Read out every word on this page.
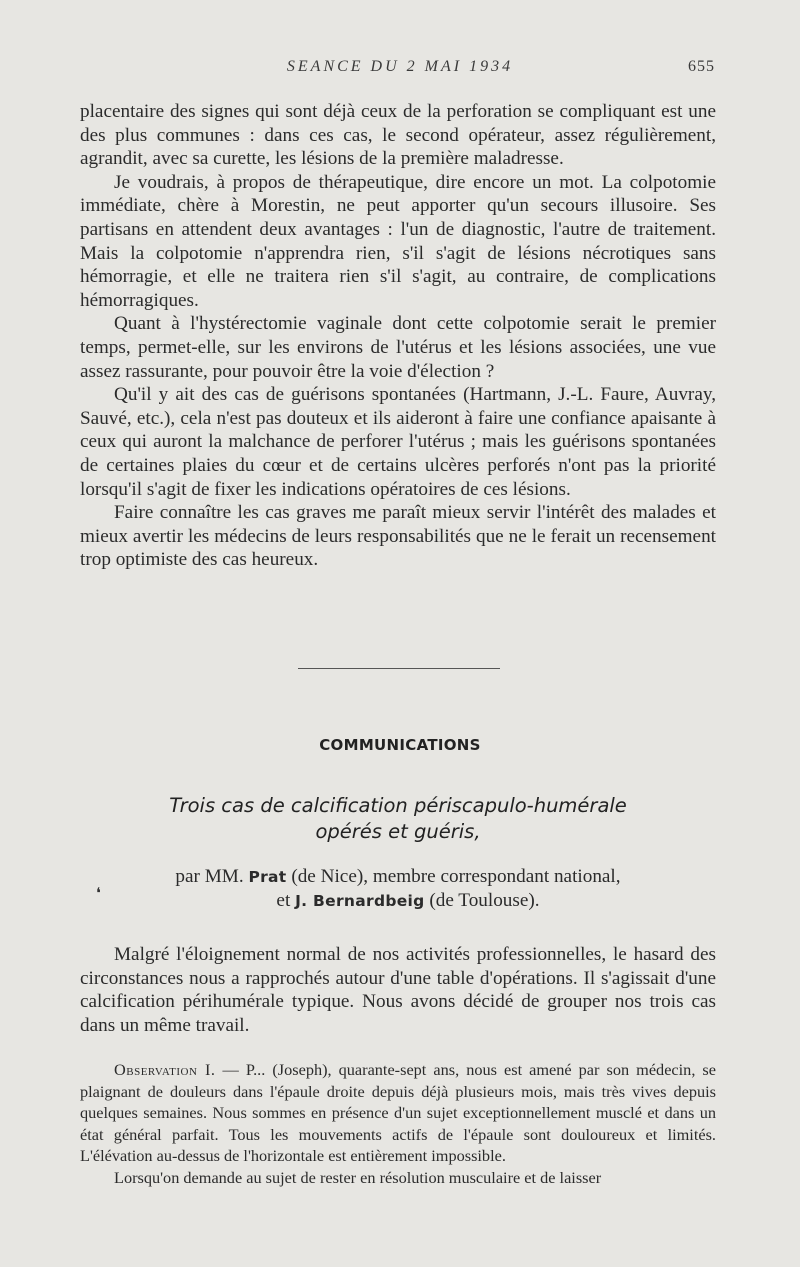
SEANCE DU 2 MAI 1934	655

placentaire des signes qui sont déjà ceux de la perforation se compliquant est une des plus communes : dans ces cas, le second opérateur, assez régulièrement, agrandit, avec sa curette, les lésions de la première maladresse.

Je voudrais, à propos de thérapeutique, dire encore un mot. La colpotomie immédiate, chère à Morestin, ne peut apporter qu'un secours illusoire. Ses partisans en attendent deux avantages : l'un de diagnostic, l'autre de traitement. Mais la colpotomie n'apprendra rien, s'il s'agit de lésions nécrotiques sans hémorragie, et elle ne traitera rien s'il s'agit, au contraire, de complications hémorragiques.

Quant à l'hystérectomie vaginale dont cette colpotomie serait le premier temps, permet-elle, sur les environs de l'utérus et les lésions associées, une vue assez rassurante, pour pouvoir être la voie d'élection ?

Qu'il y ait des cas de guérisons spontanées (Hartmann, J.-L. Faure, Auvray, Sauvé, etc.), cela n'est pas douteux et ils aideront à faire une confiance apaisante à ceux qui auront la malchance de perforer l'utérus ; mais les guérisons spontanées de certaines plaies du cœur et de certains ulcères perforés n'ont pas la priorité lorsqu'il s'agit de fixer les indications opératoires de ces lésions.

Faire connaître les cas graves me paraît mieux servir l'intérêt des malades et mieux avertir les médecins de leurs responsabilités que ne le ferait un recensement trop optimiste des cas heureux.

COMMUNICATIONS
Trois cas de calcification périscapulo-humérale
opérés et guéris,
❛
par MM. Prat (de Nice), membre correspondant national,
et J. Bernardbeig (de Toulouse).

Malgré l'éloignement normal de nos activités professionnelles, le hasard des circonstances nous a rapprochés autour d'une table d'opérations. Il s'agissait d'une calcification périhumérale typique. Nous avons décidé de grouper nos trois cas dans un même travail.

Observation I. — P... (Joseph), quarante-sept ans, nous est amené par son médecin, se plaignant de douleurs dans l'épaule droite depuis déjà plusieurs mois, mais très vives depuis quelques semaines. Nous sommes en présence d'un sujet exceptionnellement musclé et dans un état général parfait. Tous les mouvements actifs de l'épaule sont douloureux et limités. L'élévation au-dessus de l'horizontale est entièrement impossible.

Lorsqu'on demande au sujet de rester en résolution musculaire et de laisser
